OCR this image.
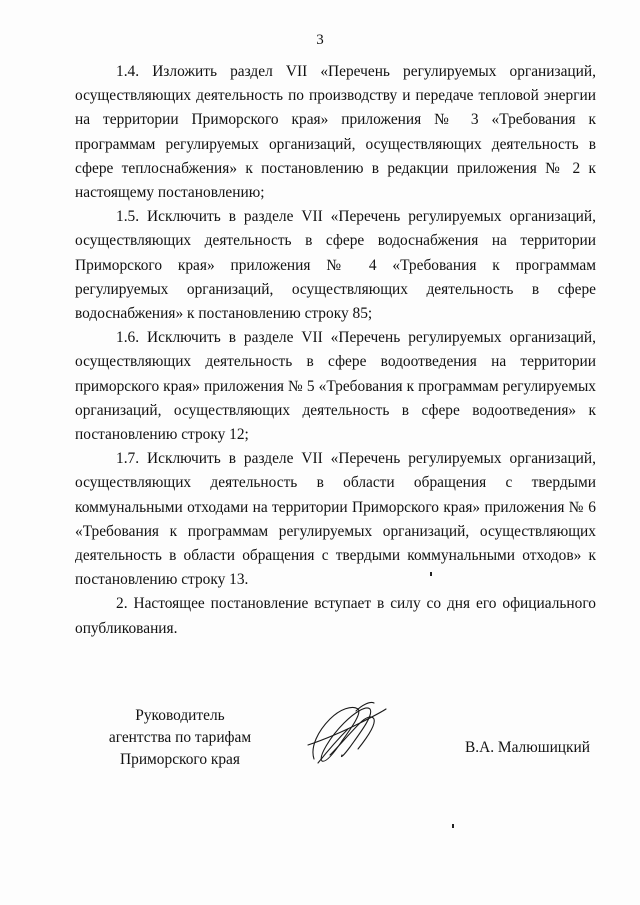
3

1.4. Изложить раздел VII «Перечень регулируемых организаций, осуществляющих деятельность по производству и передаче тепловой энергии на территории Приморского края» приложения № 3 «Требования к программам регулируемых организаций, осуществляющих деятельность в сфере теплоснабжения» к постановлению в редакции приложения № 2 к настоящему постановлению;

1.5. Исключить в разделе VII «Перечень регулируемых организаций, осуществляющих деятельность в сфере водоснабжения на территории Приморского края» приложения № 4 «Требования к программам регулируемых организаций, осуществляющих деятельность в сфере водоснабжения» к постановлению строку 85;

1.6. Исключить в разделе VII «Перечень регулируемых организаций, осуществляющих деятельность в сфере водоотведения на территории приморского края» приложения № 5 «Требования к программам регулируемых организаций, осуществляющих деятельность в сфере водоотведения» к постановлению строку 12;

1.7. Исключить в разделе VII «Перечень регулируемых организаций, осуществляющих деятельность в области обращения с твердыми коммунальными отходами на территории Приморского края» приложения № 6 «Требования к программам регулируемых организаций, осуществляющих деятельность в области обращения с твердыми коммунальными отходов» к постановлению строку 13.

2. Настоящее постановление вступает в силу со дня его официального опубликования.

Руководитель
агентства по тарифам
Приморского края
В.А. Малюшицкий
